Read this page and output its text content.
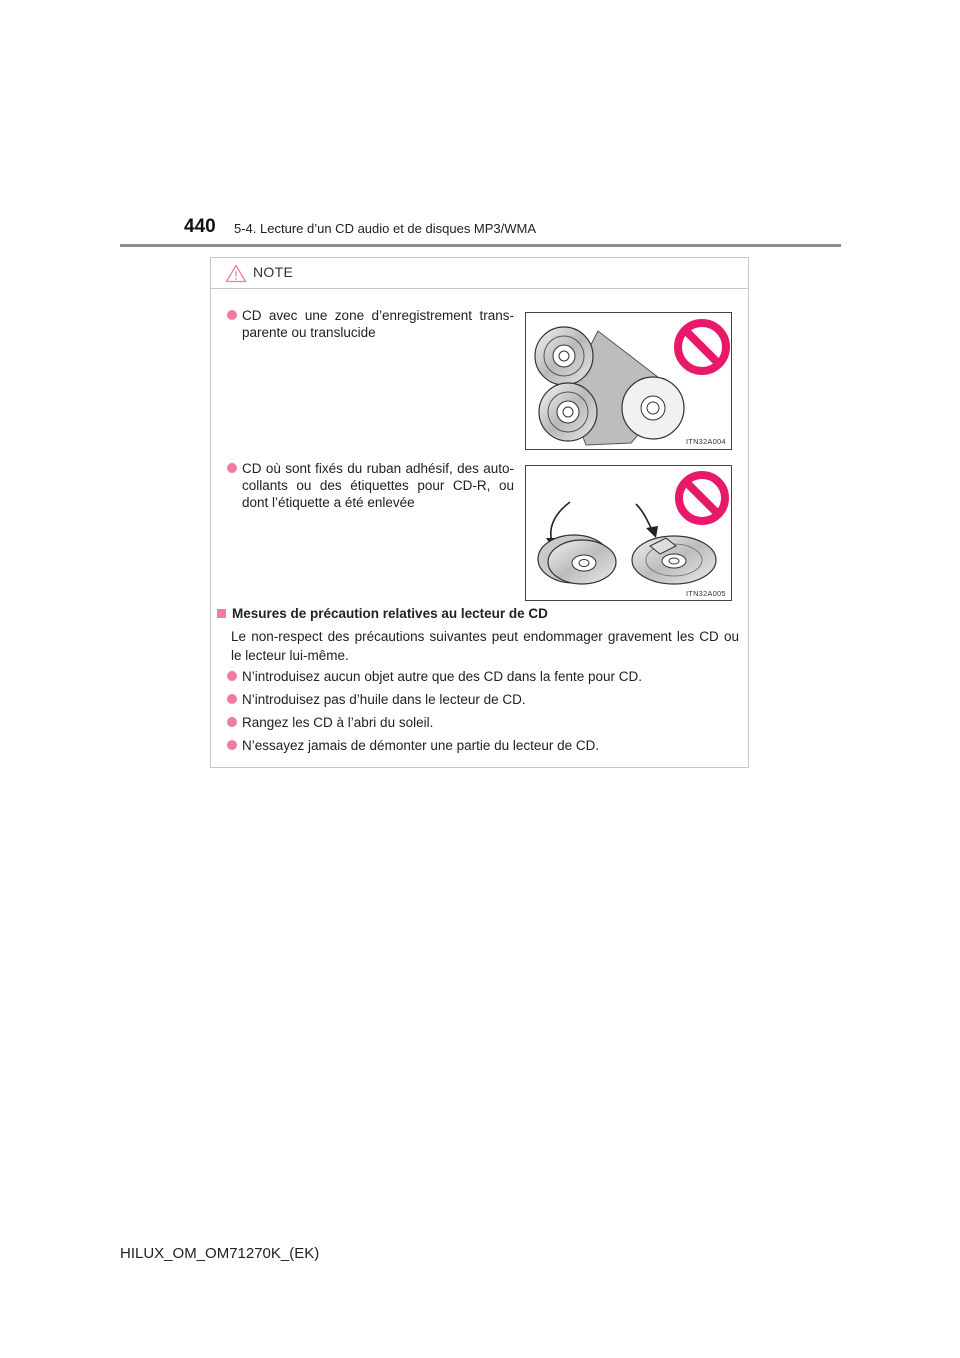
440 5-4. Lecture d’un CD audio et de disques MP3/WMA
NOTE
CD avec une zone d’enregistrement trans-parente ou translucide
ITN32A004
CD où sont fixés du ruban adhésif, des auto-collants ou des étiquettes pour CD-R, ou dont l’étiquette a été enlevée
ITN32A005
Mesures de précaution relatives au lecteur de CD
Le non-respect des précautions suivantes peut endommager gravement les CD ou le lecteur lui-même.
N’introduisez aucun objet autre que des CD dans la fente pour CD.
N’introduisez pas d’huile dans le lecteur de CD.
Rangez les CD à l’abri du soleil.
N’essayez jamais de démonter une partie du lecteur de CD.
HILUX_OM_OM71270K_(EK)
